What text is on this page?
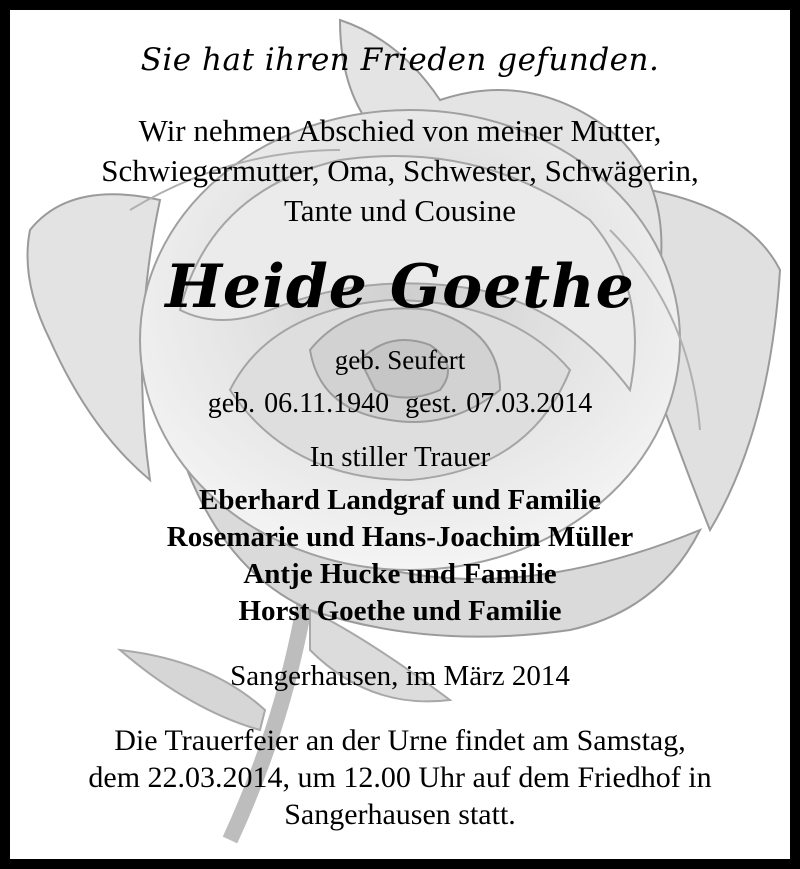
Sie hat ihren Frieden gefunden.
Wir nehmen Abschied von meiner Mutter,
Schwiegermutter, Oma, Schwester, Schwägerin,
Tante und Cousine
Heide Goethe
geb. Seufert
geb. 06.11.1940 gest. 07.03.2014
In stiller Trauer
Eberhard Landgraf und Familie
Rosemarie und Hans-Joachim Müller
Antje Hucke und Familie
Horst Goethe und Familie
Sangerhausen, im März 2014
Die Trauerfeier an der Urne findet am Samstag,
dem 22.03.2014, um 12.00 Uhr auf dem Friedhof in
Sangerhausen statt.
